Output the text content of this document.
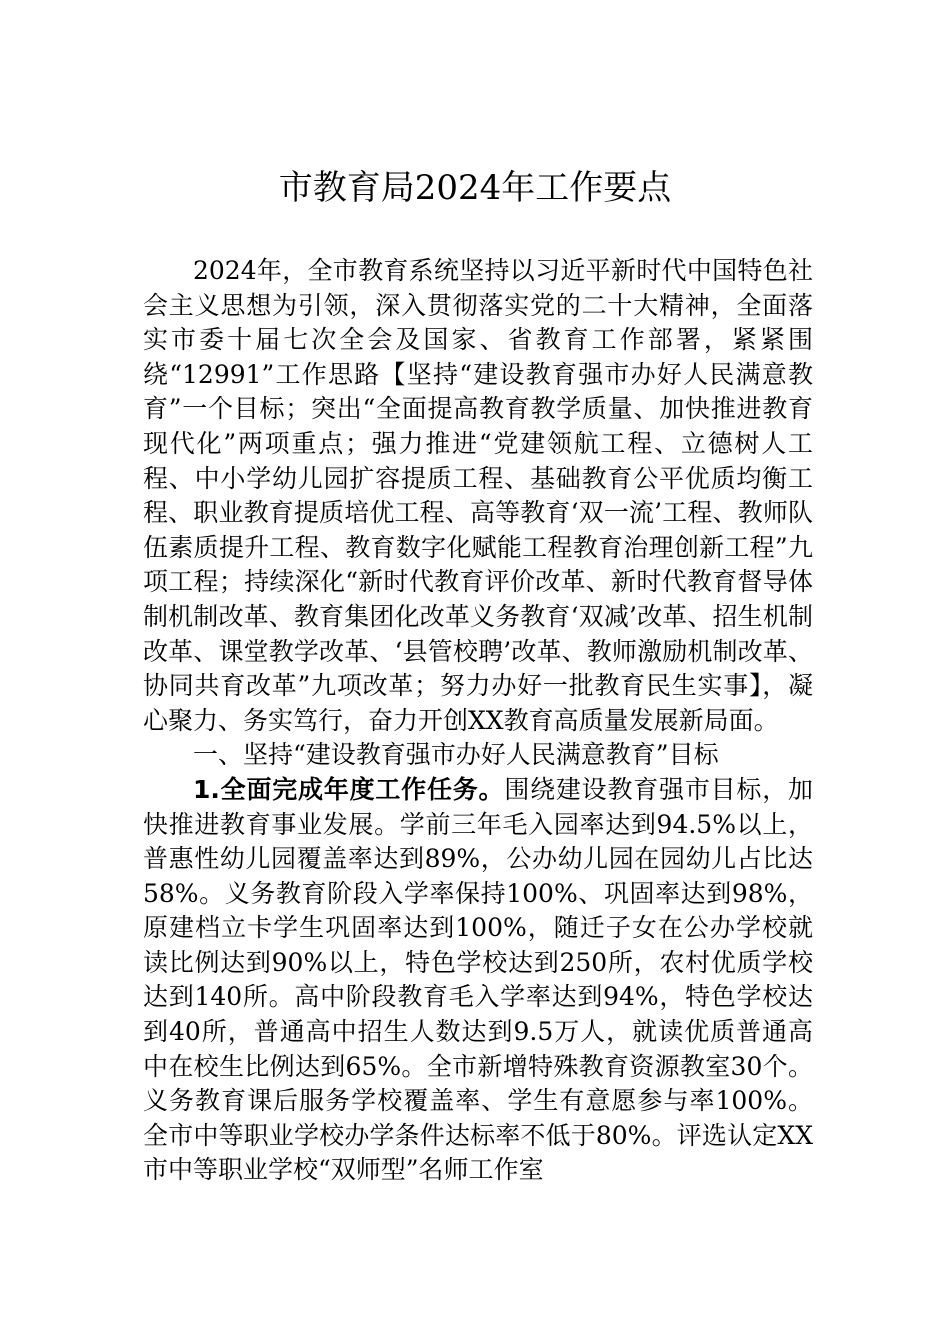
市教育局2024年工作要点

2024年，全市教育系统坚持以习近平新时代中国特色社会主义思想为引领，深入贯彻落实党的二十大精神，全面落实市委十届七次全会及国家、省教育工作部署，紧紧围绕“12991”工作思路【坚持“建设教育强市办好人民满意教育”一个目标；突出“全面提高教育教学质量、加快推进教育现代化”两项重点；强力推进“党建领航工程、立德树人工程、中小学幼儿园扩容提质工程、基础教育公平优质均衡工程、职业教育提质培优工程、高等教育‘双一流’工程、教师队伍素质提升工程、教育数字化赋能工程教育治理创新工程”九项工程；持续深化“新时代教育评价改革、新时代教育督导体制机制改革、教育集团化改革义务教育‘双减’改革、招生机制改革、课堂教学改革、‘县管校聘’改革、教师激励机制改革、协同共育改革”九项改革；努力办好一批教育民生实事】，凝心聚力、务实笃行，奋力开创XX教育高质量发展新局面。

一、坚持“建设教育强市办好人民满意教育”目标

1.全面完成年度工作任务。围绕建设教育强市目标，加快推进教育事业发展。学前三年毛入园率达到94.5%以上，普惠性幼儿园覆盖率达到89%，公办幼儿园在园幼儿占比达58%。义务教育阶段入学率保持100%、巩固率达到98%，原建档立卡学生巩固率达到100%，随迁子女在公办学校就读比例达到90%以上，特色学校达到250所，农村优质学校达到140所。高中阶段教育毛入学率达到94%，特色学校达到40所，普通高中招生人数达到9.5万人，就读优质普通高中在校生比例达到65%。全市新增特殊教育资源教室30个。义务教育课后服务学校覆盖率、学生有意愿参与率100%。全市中等职业学校办学条件达标率不低于80%。评选认定XX市中等职业学校“双师型”名师工作室
